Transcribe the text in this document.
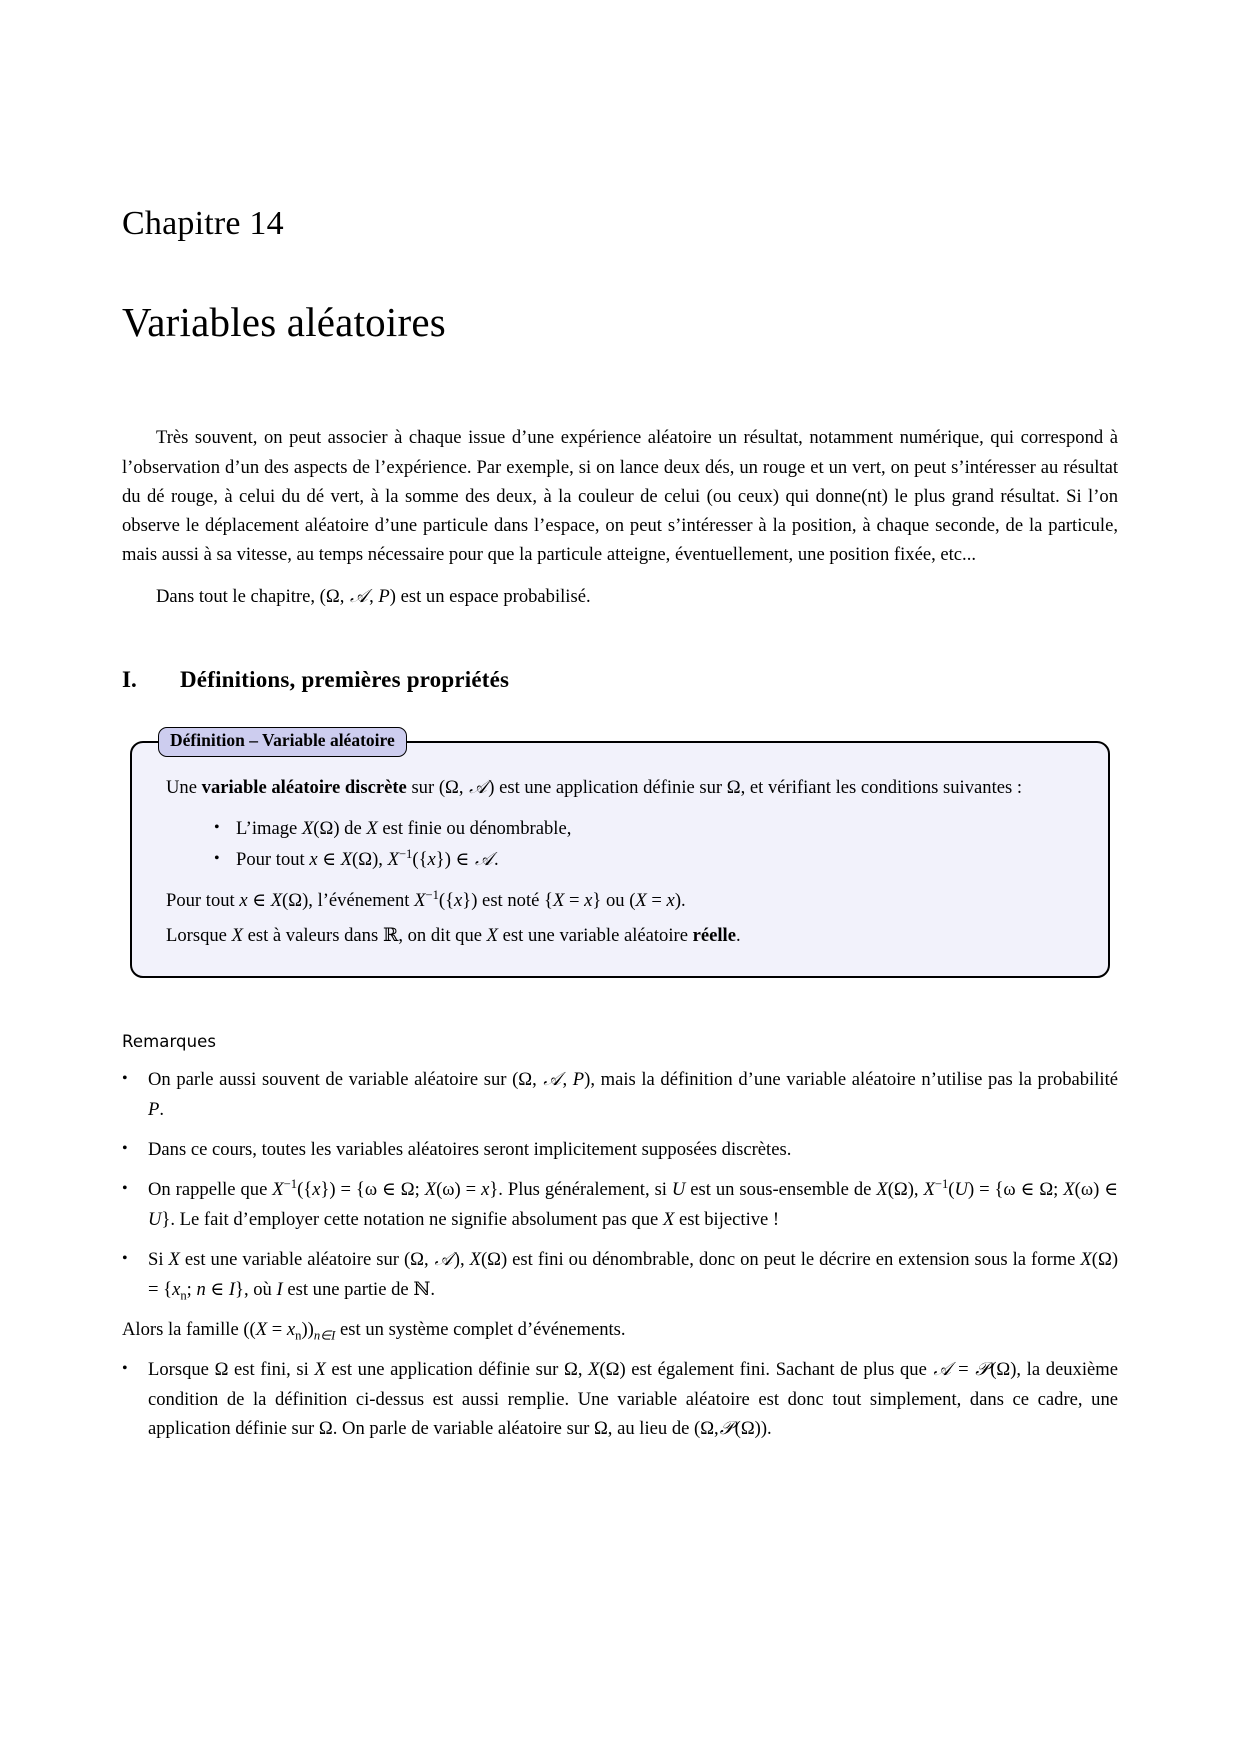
Chapitre 14
Variables aléatoires

Très souvent, on peut associer à chaque issue d’une expérience aléatoire un résultat, notamment numérique, qui correspond à l’observation d’un des aspects de l’expérience. Par exemple, si on lance deux dés, un rouge et un vert, on peut s’intéresser au résultat du dé rouge, à celui du dé vert, à la somme des deux, à la couleur de celui (ou ceux) qui donne(nt) le plus grand résultat. Si l’on observe le déplacement aléatoire d’une particule dans l’espace, on peut s’intéresser à la position, à chaque seconde, de la particule, mais aussi à sa vitesse, au temps nécessaire pour que la particule atteigne, éventuellement, une position fixée, etc...

Dans tout le chapitre, (Ω, 𝒜, P) est un espace probabilisé.

I.	Définitions, premières propriétés
Définition – Variable aléatoire

Une variable aléatoire discrète sur (Ω, 𝒜) est une application définie sur Ω, et vérifiant les conditions suivantes :

• L’image X(Ω) de X est finie ou dénombrable,
• Pour tout x ∈ X(Ω), $X^{-1}(\{x\})$ ∈ 𝒜.

Pour tout x ∈ X(Ω), l’événement $X^{-1}(\{x\})$ est noté {X = x} ou (X = x).

Lorsque X est à valeurs dans ℝ, on dit que X est une variable aléatoire réelle.

Remarques

• On parle aussi souvent de variable aléatoire sur (Ω, 𝒜, P), mais la définition d’une variable aléatoire n’utilise pas la probabilité P.

• Dans ce cours, toutes les variables aléatoires seront implicitement supposées discrètes.

• On rappelle que $X^{-1}(\{x\}) = \{\omega$ ∈ Ω; X(ω) = x}. Plus généralement, si U est un sous-ensemble de X(Ω), $X^{-1}(U) = \{\omega$ ∈ Ω; X(ω) ∈ U}. Le fait d’employer cette notation ne signifie absolument pas que X est bijective !

• Si X est une variable aléatoire sur (Ω, 𝒜), X(Ω) est fini ou dénombrable, donc on peut le décrire en extension sous la forme $X(\Omega) = \{x_n$; n ∈ I}, où I est une partie de ℕ.

Alors la famille $((X = x_n))_{n\in I}$ est un système complet d’événements.

• Lorsque Ω est fini, si X est une application définie sur Ω, X(Ω) est également fini. Sachant de plus que 𝒜 = 𝒫(Ω), la deuxième condition de la définition ci-dessus est aussi remplie. Une variable aléatoire est donc tout simplement, dans ce cadre, une application définie sur Ω. On parle de variable aléatoire sur Ω, au lieu de (Ω,𝒫(Ω)).
